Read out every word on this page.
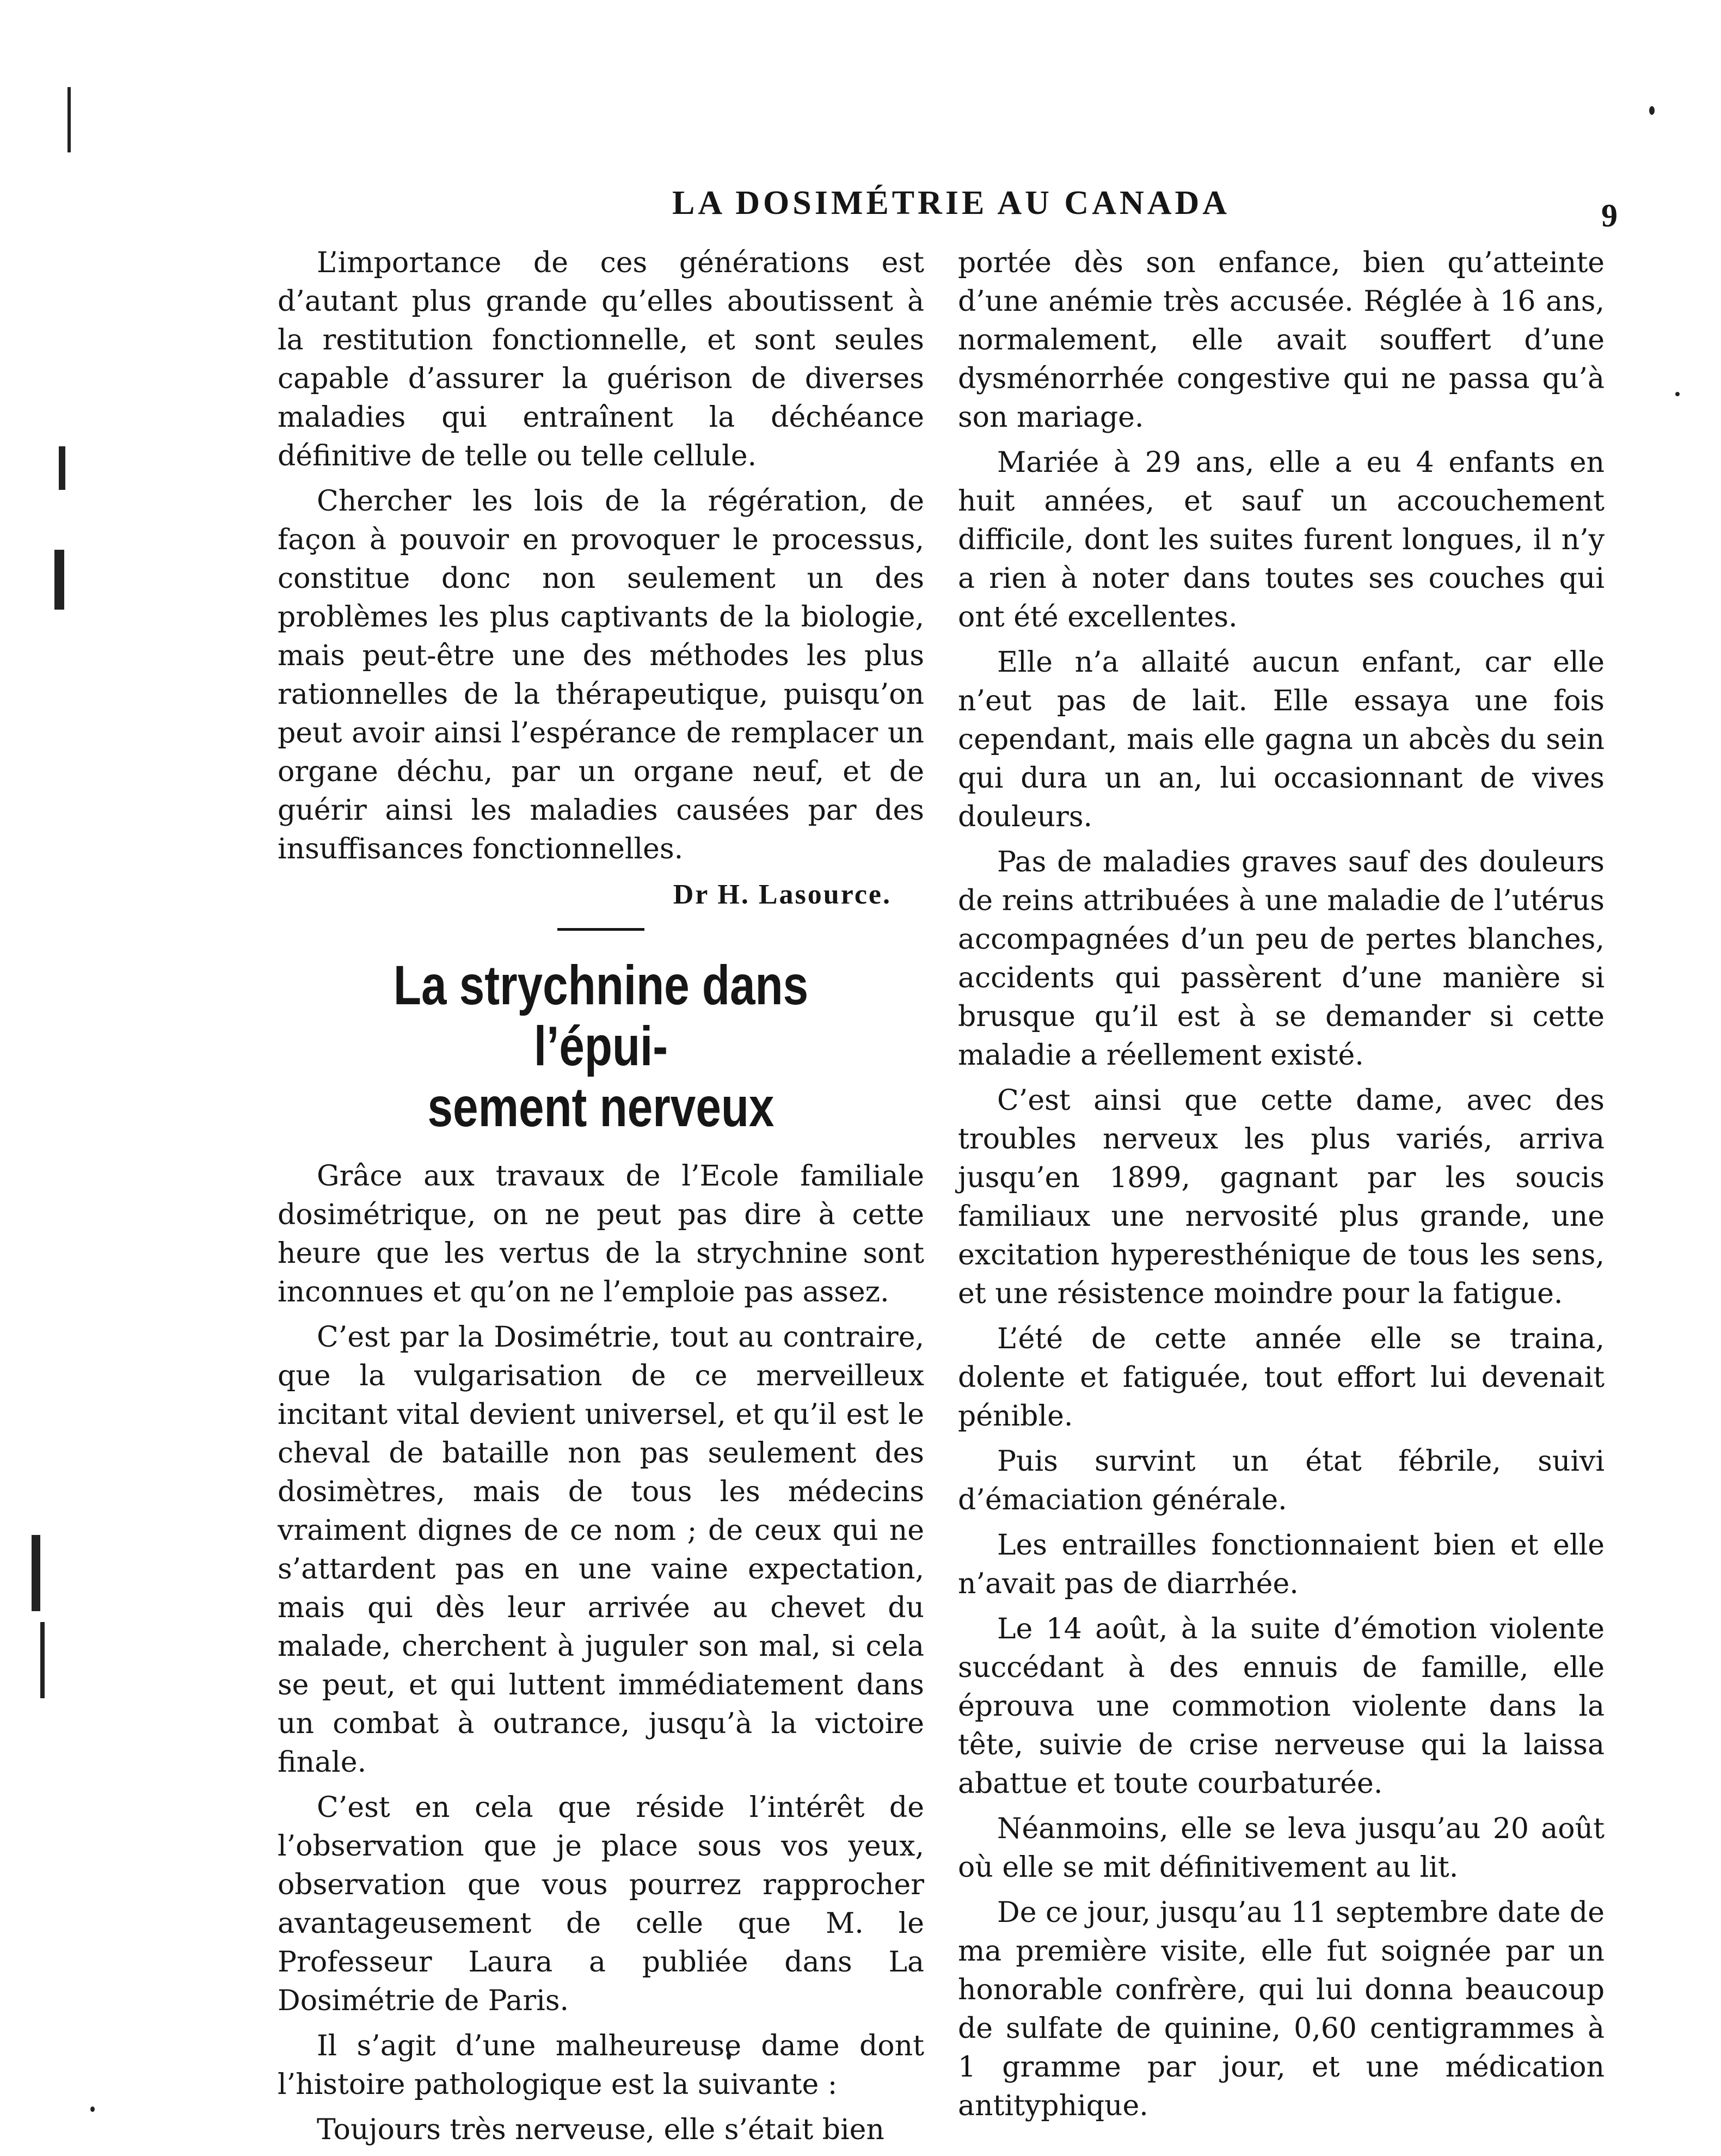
LA DOSIMÉTRIE AU CANADA	9

L’importance de ces générations est d’autant plus grande qu’elles aboutissent à la restitution fonctionnelle, et sont seules capable d’assurer la guérison de diverses maladies qui entraînent la déchéance définitive de telle ou telle cellule.

Chercher les lois de la régération, de façon à pouvoir en provoquer le processus, constitue donc non seulement un des problèmes les plus captivants de la biologie, mais peut-être une des méthodes les plus rationnelles de la thérapeutique, puisqu’on peut avoir ainsi l’espérance de remplacer un organe déchu, par un organe neuf, et de guérir ainsi les maladies causées par des insuffisances fonctionnelles.

Dr H. Lasource.
La strychnine dans l’épui-
sement nerveux

Grâce aux travaux de l’Ecole familiale dosimétrique, on ne peut pas dire à cette heure que les vertus de la strychnine sont inconnues et qu’on ne l’emploie pas assez.

C’est par la Dosimétrie, tout au contraire, que la vulgarisation de ce merveilleux incitant vital devient universel, et qu’il est le cheval de bataille non pas seulement des dosimètres, mais de tous les médecins vraiment dignes de ce nom ; de ceux qui ne s’attardent pas en une vaine expectation, mais qui dès leur arrivée au chevet du malade, cherchent à juguler son mal, si cela se peut, et qui luttent immédiatement dans un combat à outrance, jusqu’à la victoire finale.

C’est en cela que réside l’intérêt de l’observation que je place sous vos yeux, observation que vous pourrez rapprocher avantageusement de celle que M. le Professeur Laura a publiée dans La Dosimétrie de Paris.

Il s’agit d’une malheureuse dame dont l’histoire pathologique est la suivante :

Toujours très nerveuse, elle s’était bien

portée dès son enfance, bien qu’atteinte d’une anémie très accusée. Réglée à 16 ans, normalement, elle avait souffert d’une dysménorrhée congestive qui ne passa qu’à son mariage.

Mariée à 29 ans, elle a eu 4 enfants en huit années, et sauf un accouchement difficile, dont les suites furent longues, il n’y a rien à noter dans toutes ses couches qui ont été excellentes.

Elle n’a allaité aucun enfant, car elle n’eut pas de lait. Elle essaya une fois cependant, mais elle gagna un abcès du sein qui dura un an, lui occasionnant de vives douleurs.

Pas de maladies graves sauf des douleurs de reins attribuées à une maladie de l’utérus accompagnées d’un peu de pertes blanches, accidents qui passèrent d’une manière si brusque qu’il est à se demander si cette maladie a réellement existé.

C’est ainsi que cette dame, avec des troubles nerveux les plus variés, arriva jusqu’en 1899, gagnant par les soucis familiaux une nervosité plus grande, une excitation hyperesthénique de tous les sens, et une résistence moindre pour la fatigue.

L’été de cette année elle se traina, dolente et fatiguée, tout effort lui devenait pénible.

Puis survint un état fébrile, suivi d’émaciation générale.

Les entrailles fonctionnaient bien et elle n’avait pas de diarrhée.

Le 14 août, à la suite d’émotion violente succédant à des ennuis de famille, elle éprouva une commotion violente dans la tête, suivie de crise nerveuse qui la laissa abattue et toute courbaturée.

Néanmoins, elle se leva jusqu’au 20 août où elle se mit définitivement au lit.

De ce jour, jusqu’au 11 septembre date de ma première visite, elle fut soignée par un honorable confrère, qui lui donna beaucoup de sulfate de quinine, 0,60 centigrammes à 1 gramme par jour, et une médication antityphique.
